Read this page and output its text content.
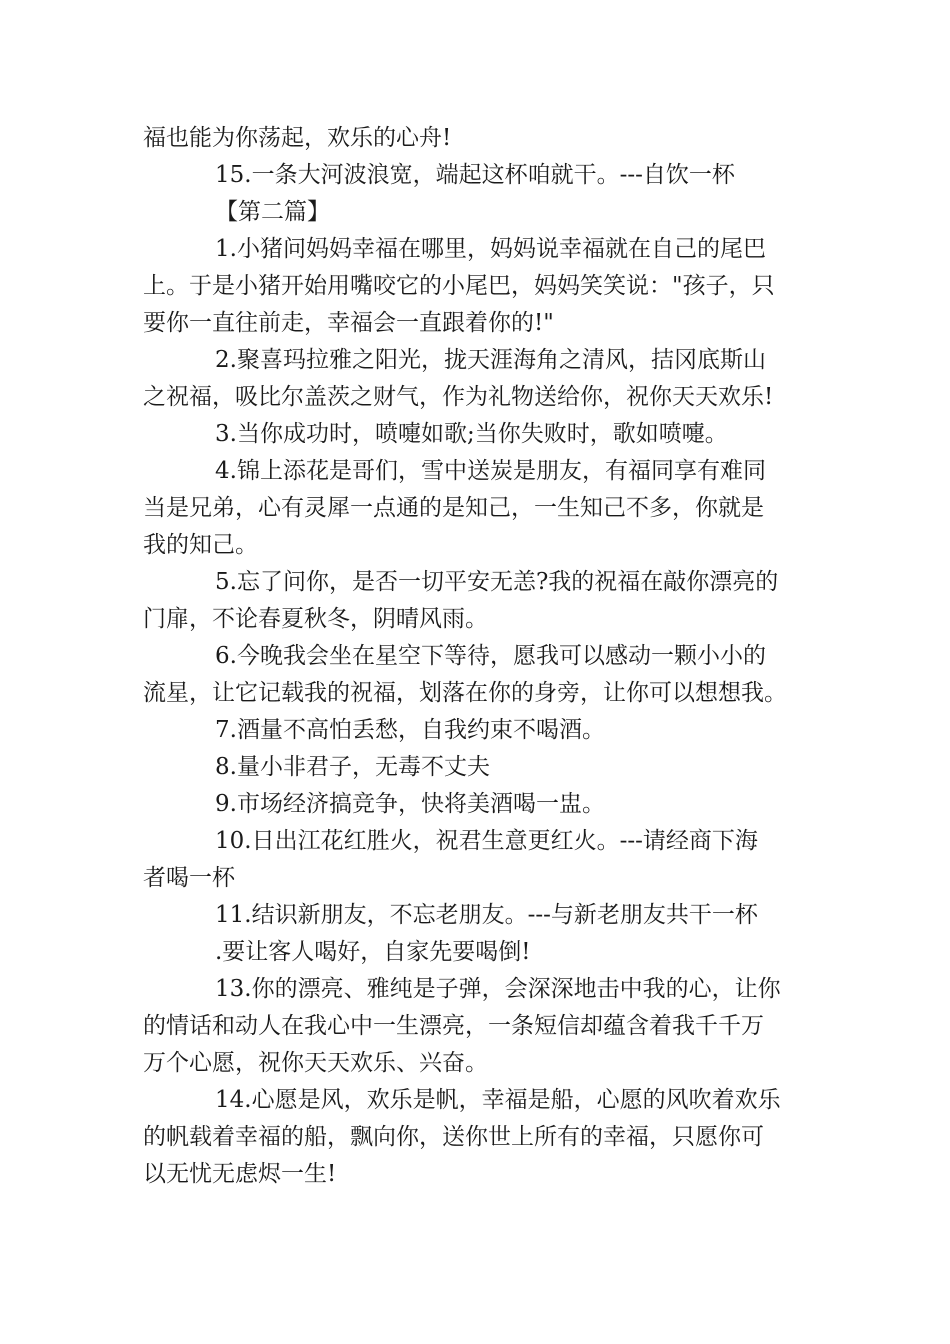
福也能为你荡起，欢乐的心舟!
15.一条大河波浪宽，端起这杯咱就干。---自饮一杯
【第二篇】
1.小猪问妈妈幸福在哪里，妈妈说幸福就在自己的尾巴
上。于是小猪开始用嘴咬它的小尾巴，妈妈笑笑说："孩子，只
要你一直往前走，幸福会一直跟着你的!"
2.聚喜玛拉雅之阳光，拢天涯海角之清风，拮冈底斯山
之祝福，吸比尔盖茨之财气，作为礼物送给你，祝你天天欢乐!
3.当你成功时，喷嚏如歌;当你失败时，歌如喷嚏。
4.锦上添花是哥们，雪中送炭是朋友，有福同享有难同
当是兄弟，心有灵犀一点通的是知己，一生知己不多，你就是
我的知己。
5.忘了问你，是否一切平安无恙?我的祝福在敲你漂亮的
门扉，不论春夏秋冬，阴晴风雨。
6.今晚我会坐在星空下等待，愿我可以感动一颗小小的
流星，让它记载我的祝福，划落在你的身旁，让你可以想想我。
7.酒量不高怕丢愁，自我约束不喝酒。
8.量小非君子，无毒不丈夫
9.市场经济搞竞争，快将美酒喝一盅。
10.日出江花红胜火，祝君生意更红火。---请经商下海
者喝一杯
11.结识新朋友，不忘老朋友。---与新老朋友共干一杯
.要让客人喝好，自家先要喝倒!
13.你的漂亮、雅纯是子弹，会深深地击中我的心，让你
的情话和动人在我心中一生漂亮，一条短信却蕴含着我千千万
万个心愿，祝你天天欢乐、兴奋。
14.心愿是风，欢乐是帆，幸福是船，心愿的风吹着欢乐
的帆载着幸福的船，飘向你，送你世上所有的幸福，只愿你可
以无忧无虑烬一生!
